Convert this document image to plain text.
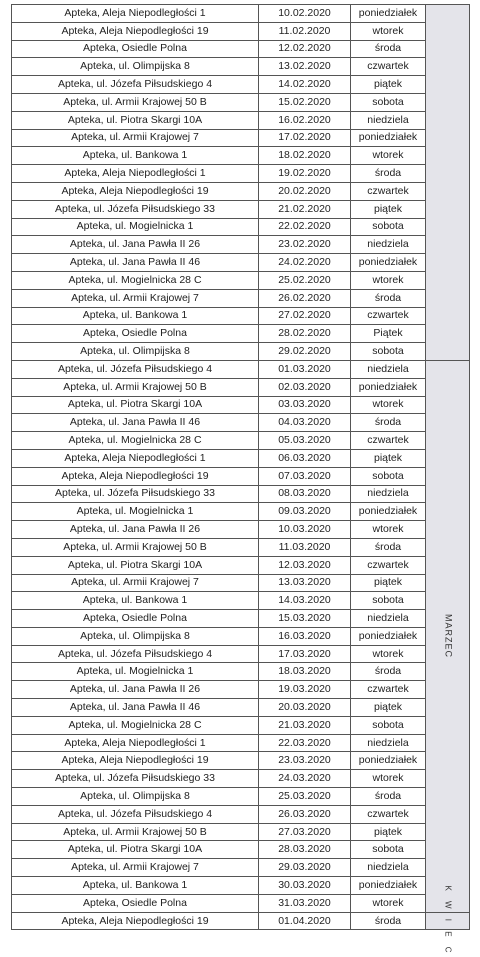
Apteka, Aleja Niepodległości 1	10.02.2020	poniedziałek	

Apteka, Aleja Niepodległości 19	11.02.2020	wtorek	
Apteka, Osiedle Polna	12.02.2020	środa	
Apteka, ul. Olimpijska 8	13.02.2020	czwartek	
Apteka, ul. Józefa Piłsudskiego 4	14.02.2020	piątek	
Apteka, ul. Armii Krajowej 50 B	15.02.2020	sobota	
Apteka, ul. Piotra Skargi 10A	16.02.2020	niedziela	
Apteka, ul. Armii Krajowej 7	17.02.2020	poniedziałek	
Apteka, ul. Bankowa 1	18.02.2020	wtorek	
Apteka, Aleja Niepodległości 1	19.02.2020	środa	
Apteka, Aleja Niepodległości 19	20.02.2020	czwartek	
Apteka, ul. Józefa Piłsudskiego 33	21.02.2020	piątek	
Apteka, ul. Mogielnicka 1	22.02.2020	sobota	
Apteka, ul. Jana Pawła II 26	23.02.2020	niedziela	
Apteka, ul. Jana Pawła II 46	24.02.2020	poniedziałek	
Apteka, ul. Mogielnicka 28 C	25.02.2020	wtorek	
Apteka, ul. Armii Krajowej 7	26.02.2020	środa	
Apteka, ul. Bankowa 1	27.02.2020	czwartek	
Apteka, Osiedle Polna	28.02.2020	Piątek	
Apteka, ul. Olimpijska 8	29.02.2020	sobota	
Apteka, ul. Józefa Piłsudskiego 4	01.03.2020	niedziela	MARZEC

Apteka, ul. Armii Krajowej 50 B	02.03.2020	poniedziałek	
Apteka, ul. Piotra Skargi 10A	03.03.2020	wtorek	
Apteka, ul. Jana Pawła II 46	04.03.2020	środa	
Apteka, ul. Mogielnicka 28 C	05.03.2020	czwartek	
Apteka, Aleja Niepodległości 1	06.03.2020	piątek	
Apteka, Aleja Niepodległości 19	07.03.2020	sobota	
Apteka, ul. Józefa Piłsudskiego 33	08.03.2020	niedziela	
Apteka, ul. Mogielnicka 1	09.03.2020	poniedziałek	
Apteka, ul. Jana Pawła II 26	10.03.2020	wtorek	
Apteka, ul. Armii Krajowej 50 B	11.03.2020	środa	
Apteka, ul. Piotra Skargi 10A	12.03.2020	czwartek	
Apteka, ul. Armii Krajowej 7	13.03.2020	piątek	
Apteka, ul. Bankowa 1	14.03.2020	sobota	
Apteka, Osiedle Polna	15.03.2020	niedziela	
Apteka, ul. Olimpijska 8	16.03.2020	poniedziałek	
Apteka, ul. Józefa Piłsudskiego 4	17.03.2020	wtorek	
Apteka, ul. Mogielnicka 1	18.03.2020	środa	
Apteka, ul. Jana Pawła II 26	19.03.2020	czwartek	
Apteka, ul. Jana Pawła II 46	20.03.2020	piątek	
Apteka, ul. Mogielnicka 28 C	21.03.2020	sobota	
Apteka, Aleja Niepodległości 1	22.03.2020	niedziela	
Apteka, Aleja Niepodległości 19	23.03.2020	poniedziałek	
Apteka, ul. Józefa Piłsudskiego 33	24.03.2020	wtorek	
Apteka, ul. Olimpijska 8	25.03.2020	środa	
Apteka, ul. Józefa Piłsudskiego 4	26.03.2020	czwartek	
Apteka, ul. Armii Krajowej 50 B	27.03.2020	piątek	
Apteka, ul. Piotra Skargi 10A	28.03.2020	sobota	
Apteka, ul. Armii Krajowej 7	29.03.2020	niedziela	
Apteka, ul. Bankowa 1	30.03.2020	poniedziałek	
Apteka, Osiedle Polna	31.03.2020	wtorek	
Apteka, Aleja Niepodległości 19	01.04.2020	środa	K W I E C
